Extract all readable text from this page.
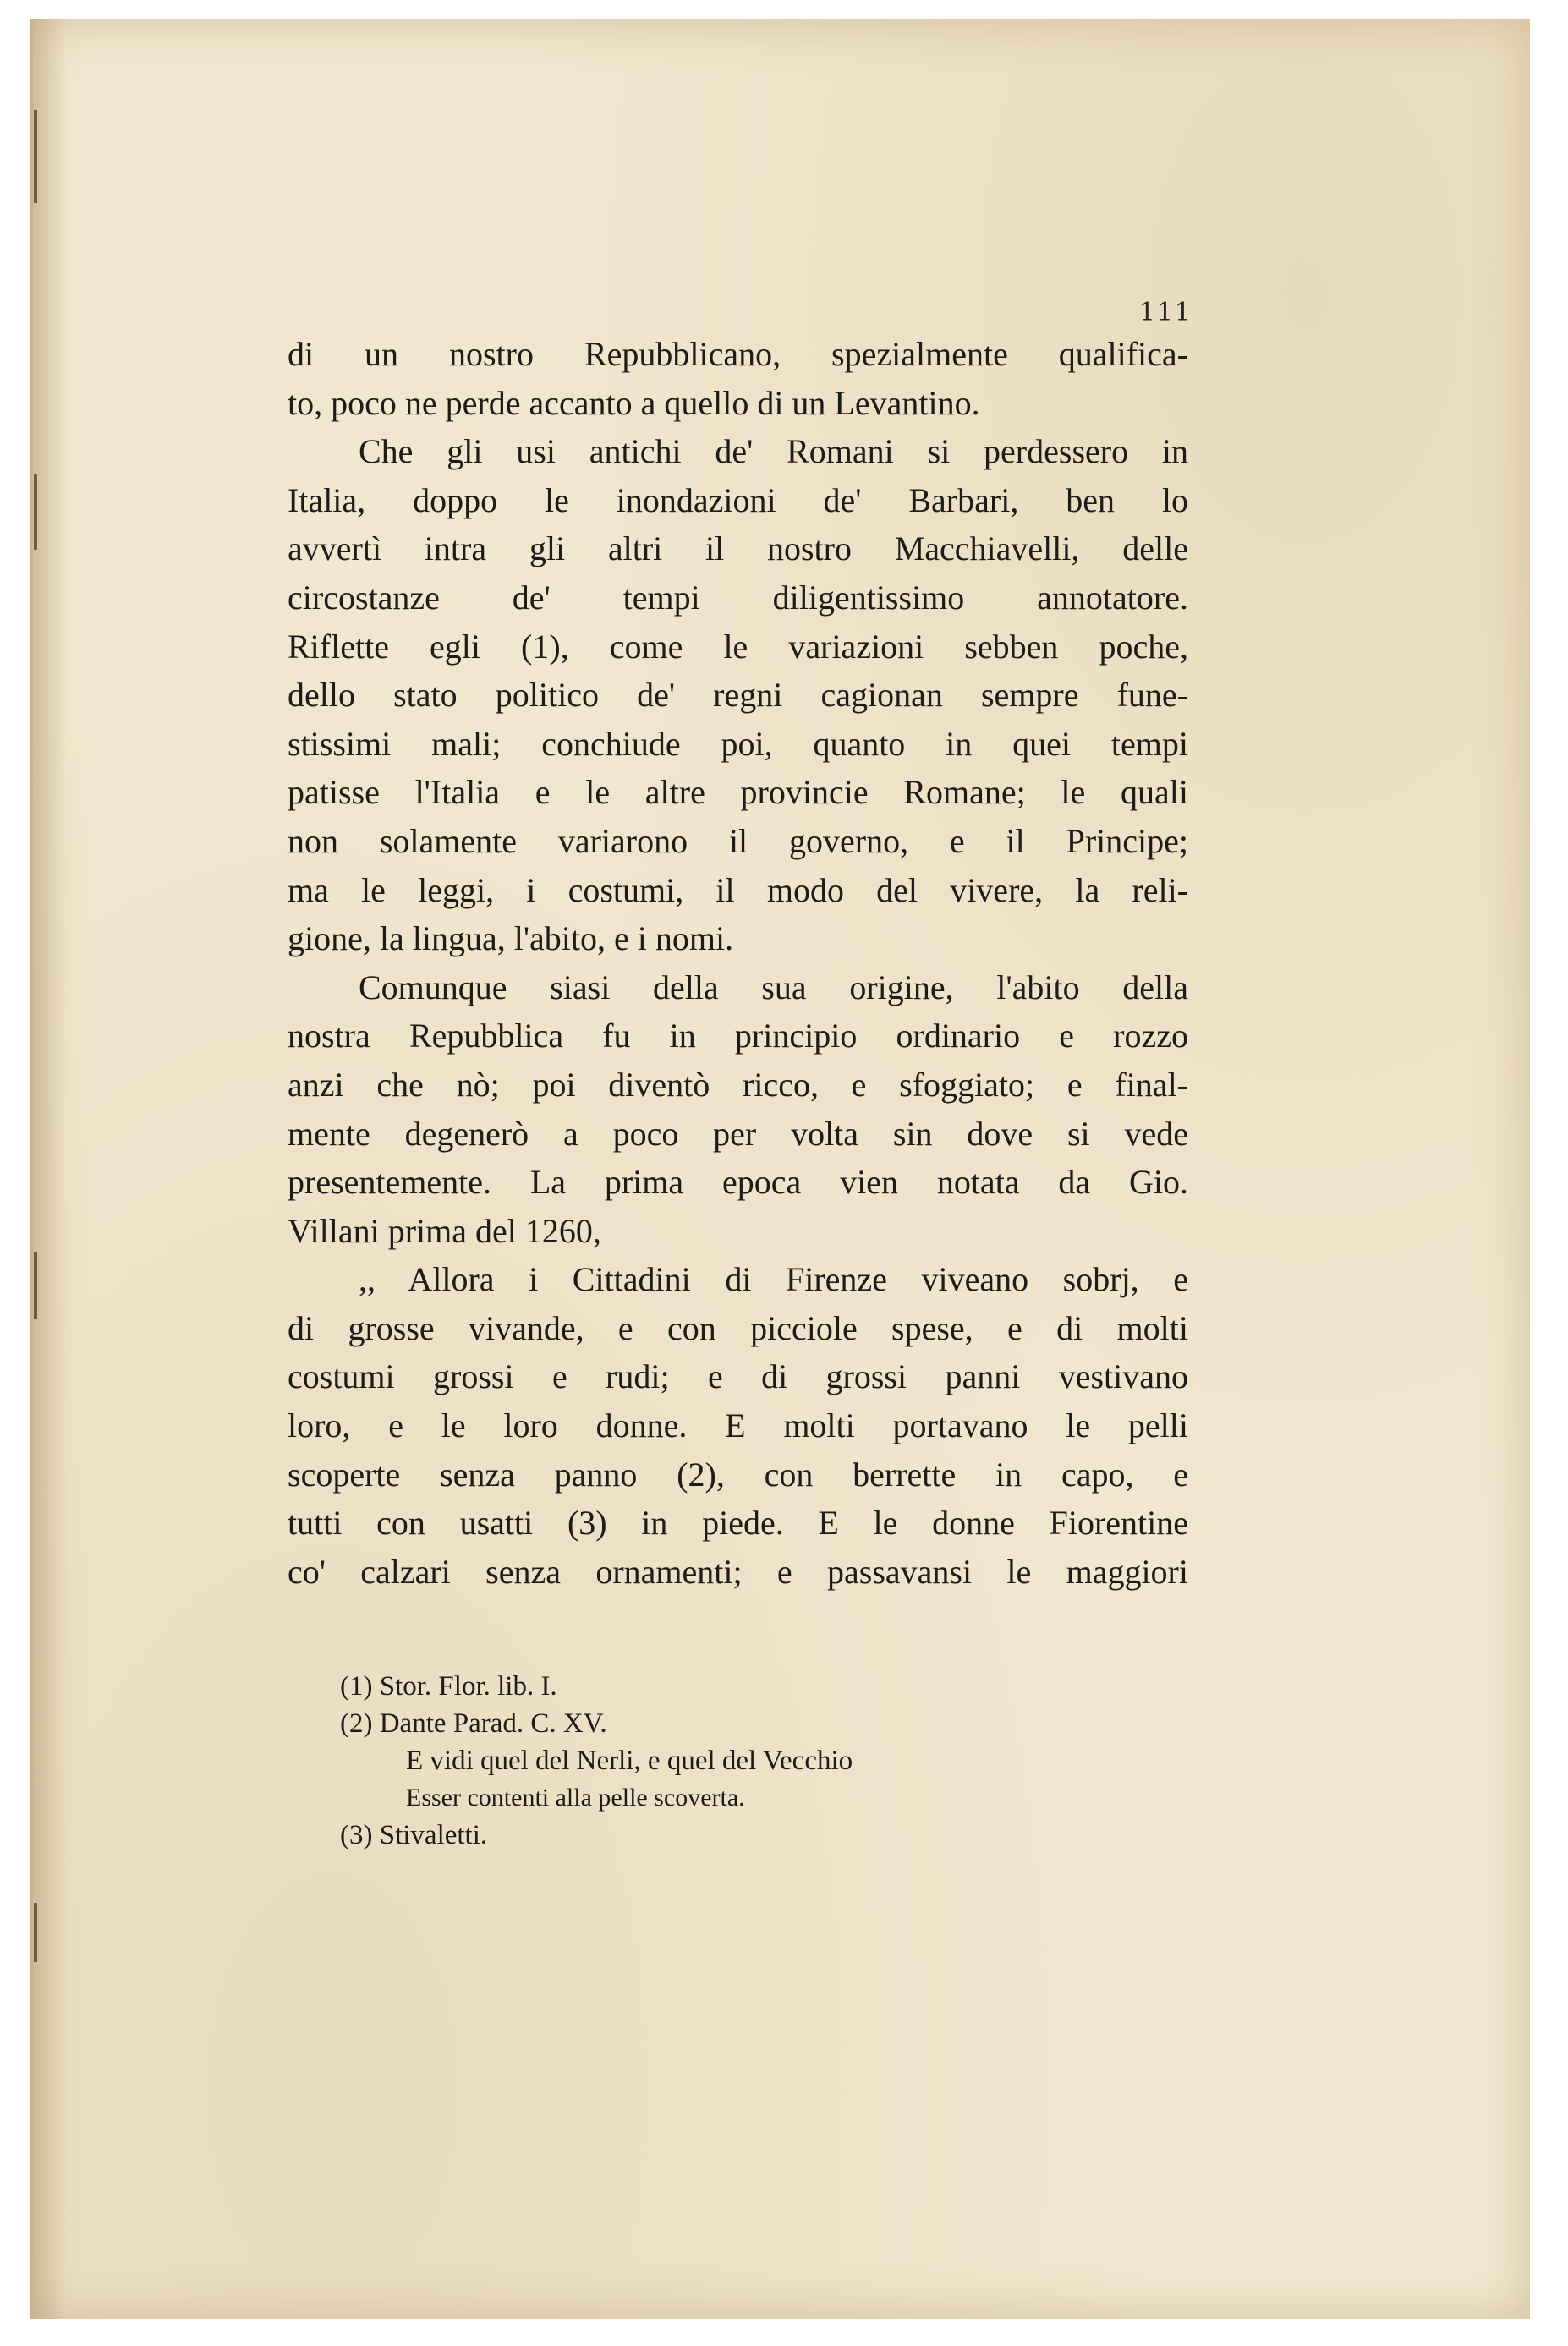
111
di un nostro Repubblicano, spezialmente qualifica-
to, poco ne perde accanto a quello di un Levantino.
Che gli usi antichi de' Romani si perdessero in
Italia, doppo le inondazioni de' Barbari, ben lo
avvertì intra gli altri il nostro Macchiavelli, delle
circostanze de' tempi diligentissimo annotatore.
Riflette egli (1), come le variazioni sebben poche,
dello stato politico de' regni cagionan sempre fune-
stissimi mali; conchiude poi, quanto in quei tempi
patisse l'Italia e le altre provincie Romane; le quali
non solamente variarono il governo, e il Principe;
ma le leggi, i costumi, il modo del vivere, la reli-
gione, la lingua, l'abito, e i nomi.
Comunque siasi della sua origine, l'abito della
nostra Repubblica fu in principio ordinario e rozzo
anzi che nò; poi diventò ricco, e sfoggiato; e final-
mente degenerò a poco per volta sin dove si vede
presentemente. La prima epoca vien notata da Gio.
Villani prima del 1260,
,, Allora i Cittadini di Firenze viveano sobrj, e
di grosse vivande, e con picciole spese, e di molti
costumi grossi e rudi; e di grossi panni vestivano
loro, e le loro donne. E molti portavano le pelli
scoperte senza panno (2), con berrette in capo, e
tutti con usatti (3) in piede. E le donne Fiorentine
co' calzari senza ornamenti; e passavansi le maggiori
(1) Stor. Flor. lib. I.
(2) Dante Parad. C. XV.
E vidi quel del Nerli, e quel del Vecchio
Esser contenti alla pelle scoverta.
(3) Stivaletti.
